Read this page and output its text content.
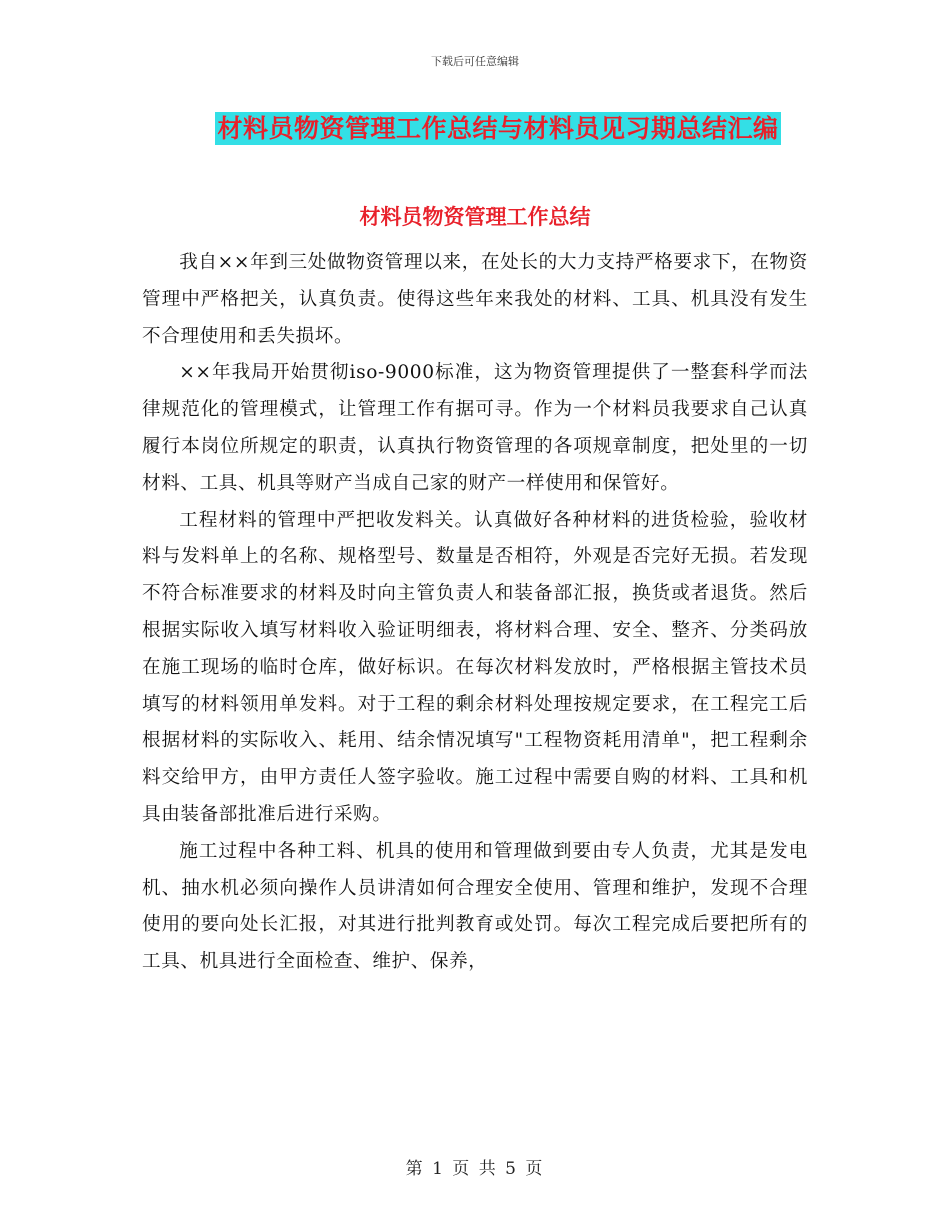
下载后可任意编辑
材料员物资管理工作总结与材料员见习期总结汇编
材料员物资管理工作总结

我自××年到三处做物资管理以来，在处长的大力支持严格要求下，在物资管理中严格把关，认真负责。使得这些年来我处的材料、工具、机具没有发生不合理使用和丢失损坏。

××年我局开始贯彻iso-9000标准，这为物资管理提供了一整套科学而法律规范化的管理模式，让管理工作有据可寻。作为一个材料员我要求自己认真履行本岗位所规定的职责，认真执行物资管理的各项规章制度，把处里的一切材料、工具、机具等财产当成自己家的财产一样使用和保管好。

工程材料的管理中严把收发料关。认真做好各种材料的进货检验，验收材料与发料单上的名称、规格型号、数量是否相符，外观是否完好无损。若发现不符合标准要求的材料及时向主管负责人和装备部汇报，换货或者退货。然后根据实际收入填写材料收入验证明细表，将材料合理、安全、整齐、分类码放在施工现场的临时仓库，做好标识。在每次材料发放时，严格根据主管技术员填写的材料领用单发料。对于工程的剩余材料处理按规定要求，在工程完工后根据材料的实际收入、耗用、结余情况填写"工程物资耗用清单"，把工程剩余料交给甲方，由甲方责任人签字验收。施工过程中需要自购的材料、工具和机具由装备部批准后进行采购。

施工过程中各种工料、机具的使用和管理做到要由专人负责，尤其是发电机、抽水机必须向操作人员讲清如何合理安全使用、管理和维护，发现不合理使用的要向处长汇报，对其进行批判教育或处罚。每次工程完成后要把所有的工具、机具进行全面检查、维护、保养，

第 1 页 共 5 页
